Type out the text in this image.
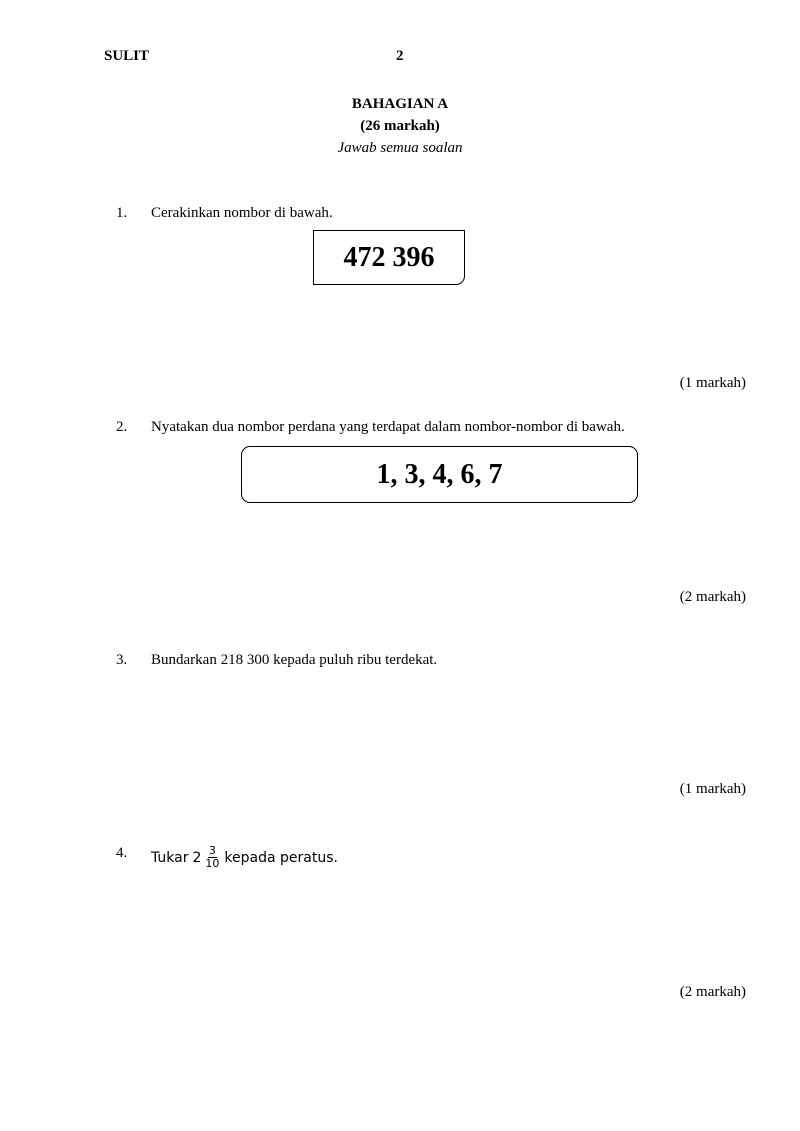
SULIT	2
BAHAGIAN A
(26 markah)
Jawab semua soalan
1. Cerakinkan nombor di bawah.
472 396
(1 markah)
2. Nyatakan dua nombor perdana yang terdapat dalam nombor-nombor di bawah.
1, 3, 4, 6, 7
(2 markah)
3. Bundarkan 218 300 kepada puluh ribu terdekat.
(1 markah)
4. Tukar $2 \frac{3}{10}$ kepada peratus.
(2 markah)
